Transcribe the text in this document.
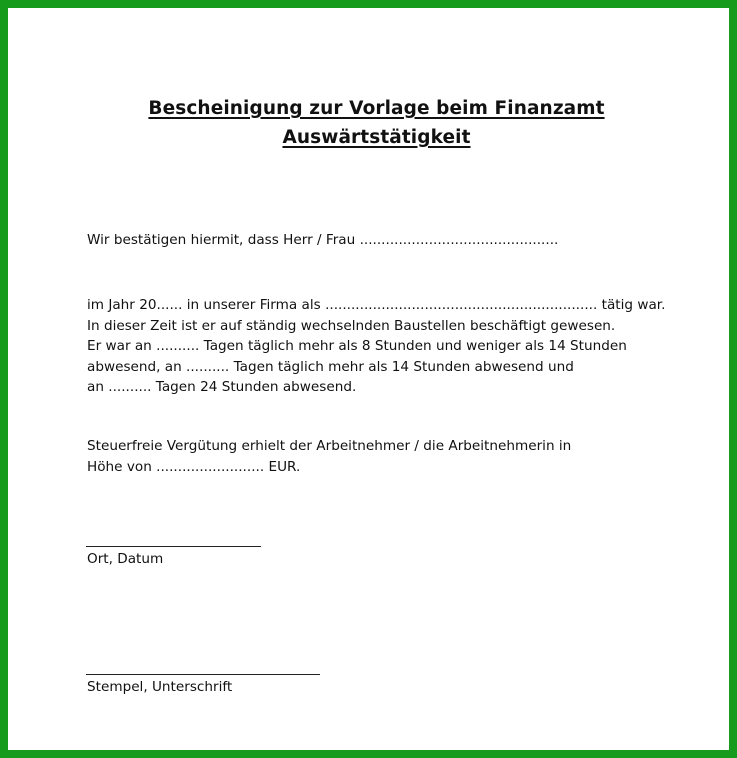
Bescheinigung zur Vorlage beim Finanzamt
Auswärtstätigkeit
Wir bestätigen hiermit, dass Herr / Frau ..............................................
im Jahr 20...... in unserer Firma als ............................................................... tätig war.
In dieser Zeit ist er auf ständig wechselnden Baustellen beschäftigt gewesen.
Er war an .......... Tagen täglich mehr als 8 Stunden und weniger als 14 Stunden
abwesend, an .......... Tagen täglich mehr als 14 Stunden abwesend und
an .......... Tagen 24 Stunden abwesend.
Steuerfreie Vergütung erhielt der Arbeitnehmer / die Arbeitnehmerin in
Höhe von ......................... EUR.
Ort, Datum
Stempel, Unterschrift
